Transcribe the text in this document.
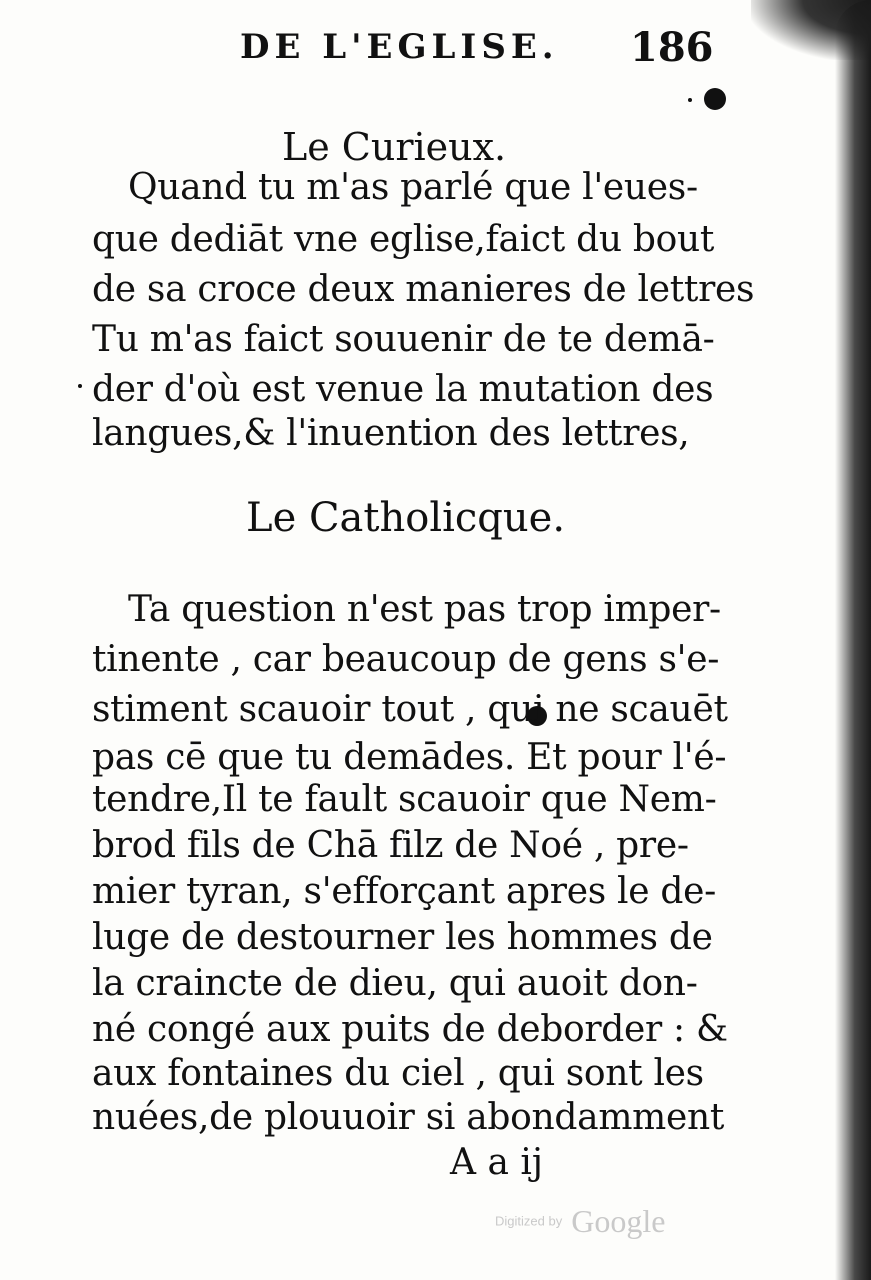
DE L'EGLISE. 186
Le Curieux.
Quand tu m'as parlé que l'eues-
que dediāt vne eglise,faict du bout
de sa croce deux manieres de lettres
Tu m'as faict souuenir de te demā-
der d'où est venue la mutation des
langues,& l'inuention des lettres,
Le Catholicque.
Ta question n'est pas trop imper-
tinente , car beaucoup de gens s'e-
stiment scauoir tout , qui ne scauēt
pas cē que tu demādes. Et pour l'é-
tendre,Il te fault scauoir que Nem-
brod fils de Chā filz de Noé , pre-
mier tyran, s'efforçant apres le de-
luge de destourner les hommes de
la craincte de dieu, qui auoit don-
né congé aux puits de deborder : &
aux fontaines du ciel , qui sont les
nuées,de plouuoir si abondamment
A a ij
Digitized by Google
